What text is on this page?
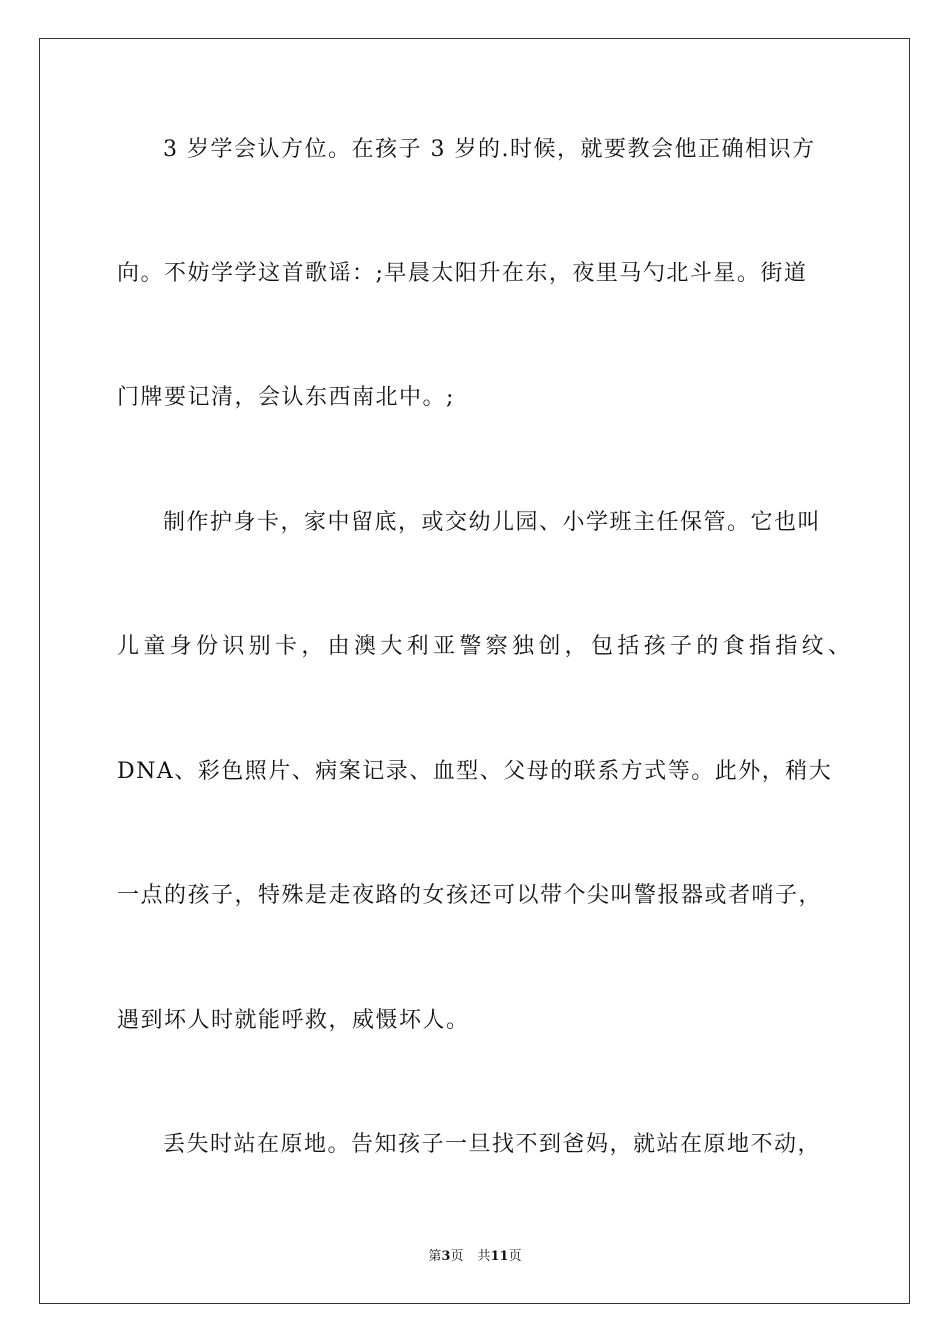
3 岁学会认方位。在孩子 3 岁的.时候，就要教会他正确相识方
向。不妨学学这首歌谣：;早晨太阳升在东，夜里马勺北斗星。街道
门牌要记清，会认东西南北中。;
制作护身卡，家中留底，或交幼儿园、小学班主任保管。它也叫
儿童身份识别卡，由澳大利亚警察独创，包括孩子的食指指纹、
DNA、彩色照片、病案记录、血型、父母的联系方式等。此外，稍大
一点的孩子，特殊是走夜路的女孩还可以带个尖叫警报器或者哨子，
遇到坏人时就能呼救，威慑坏人。
丢失时站在原地。告知孩子一旦找不到爸妈，就站在原地不动，
第3页 共11页
